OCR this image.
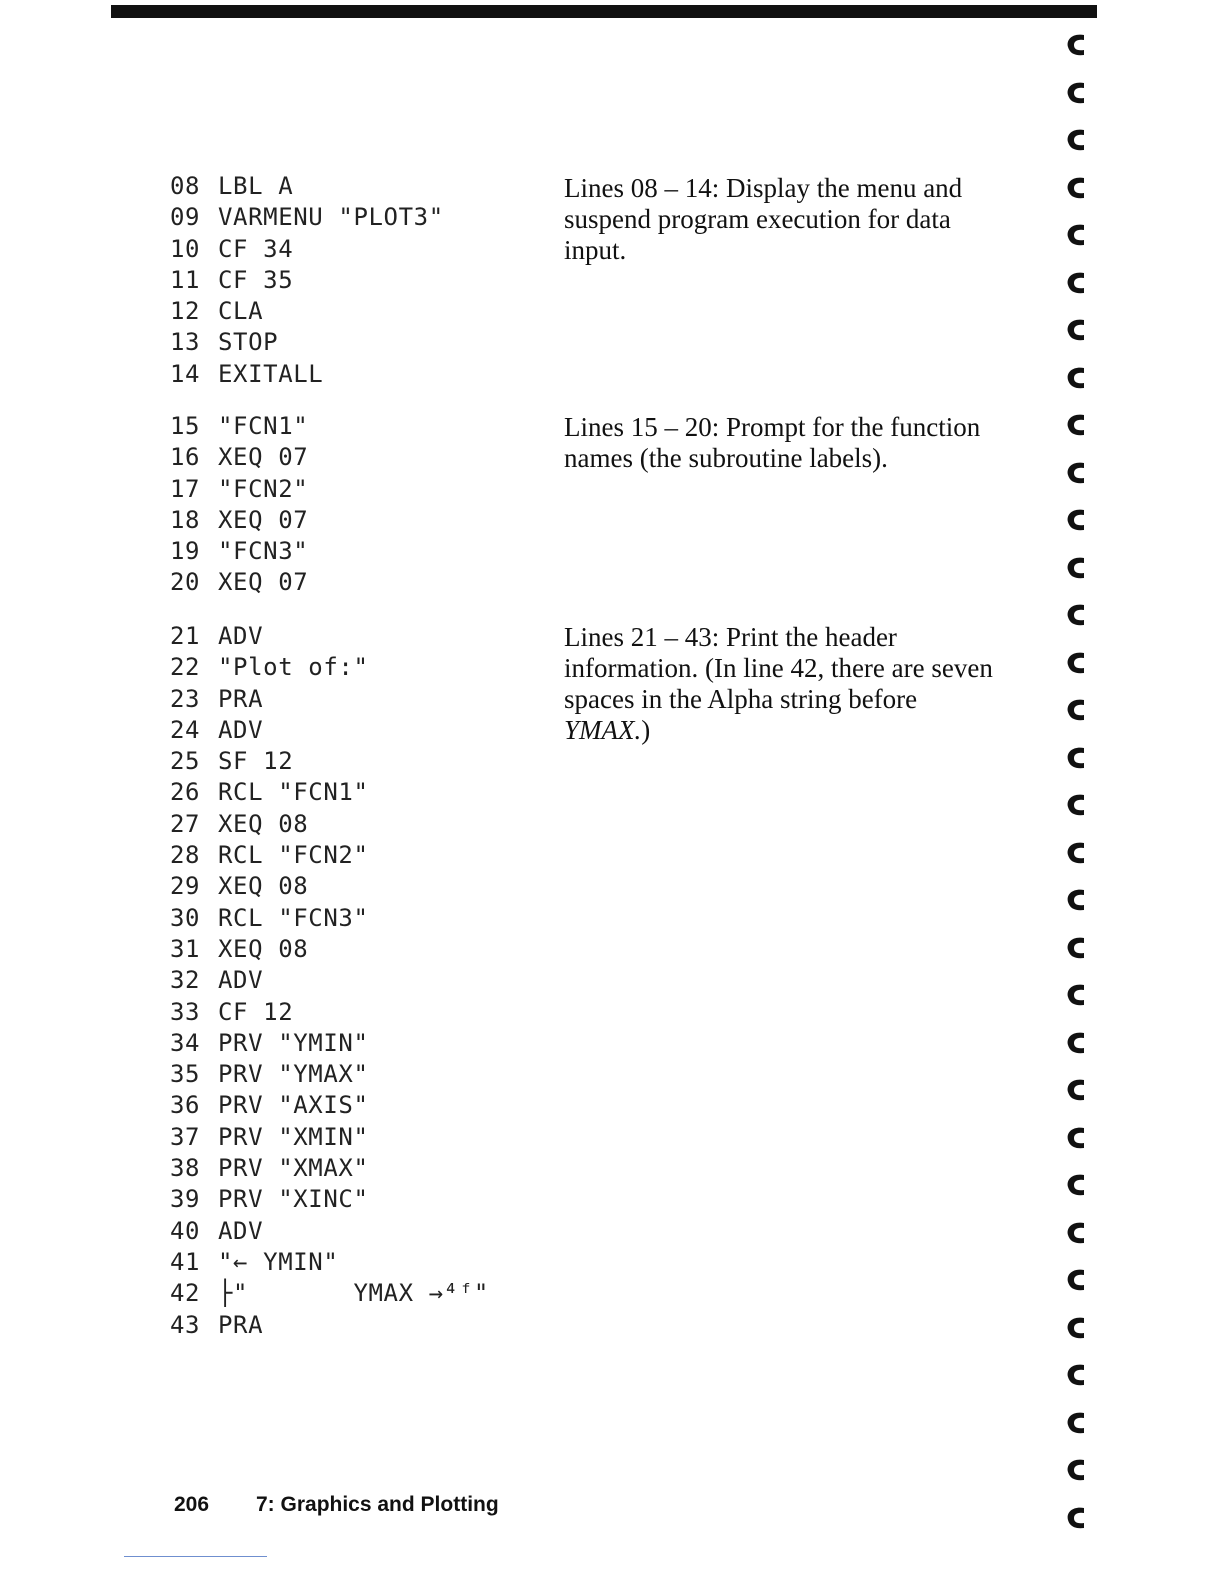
08 LBL A
09 VARMENU "PLOT3"
10 CF 34
11 CF 35
12 CLA
13 STOP
14 EXITALL
Lines 08 – 14: Display the menu and suspend program execution for data input.
15 "FCN1"
16 XEQ 07
17 "FCN2"
18 XEQ 07
19 "FCN3"
20 XEQ 07
Lines 15 – 20: Prompt for the function names (the subroutine labels).
21 ADV
22 "Plot of:"
23 PRA
24 ADV
25 SF 12
26 RCL "FCN1"
27 XEQ 08
28 RCL "FCN2"
29 XEQ 08
30 RCL "FCN3"
31 XEQ 08
32 ADV
33 CF 12
34 PRV "YMIN"
35 PRV "YMAX"
36 PRV "AXIS"
37 PRV "XMIN"
38 PRV "XMAX"
39 PRV "XINC"
40 ADV
41 "← YMIN"
42 ├"       YMAX →⁴ᶠ"
43 PRA
Lines 21 – 43: Print the header information. (In line 42, there are seven spaces in the Alpha string before YMAX.)
206 7: Graphics and Plotting
